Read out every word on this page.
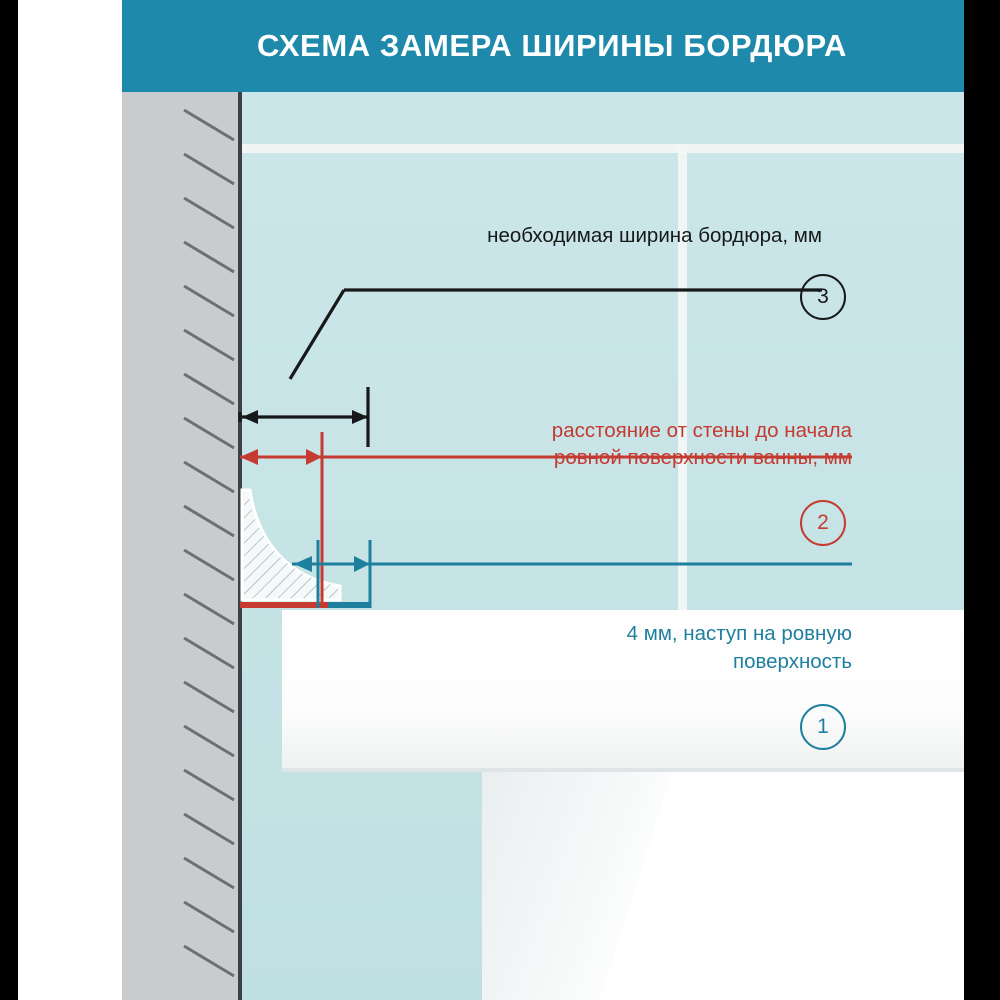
СХЕМА ЗАМЕРА ШИРИНЫ БОРДЮРА
необходимая ширина бордюра, мм
3
расстояние от стены до начала
ровной поверхности ванны, мм
2
4 мм, наступ на ровную
поверхность
1
